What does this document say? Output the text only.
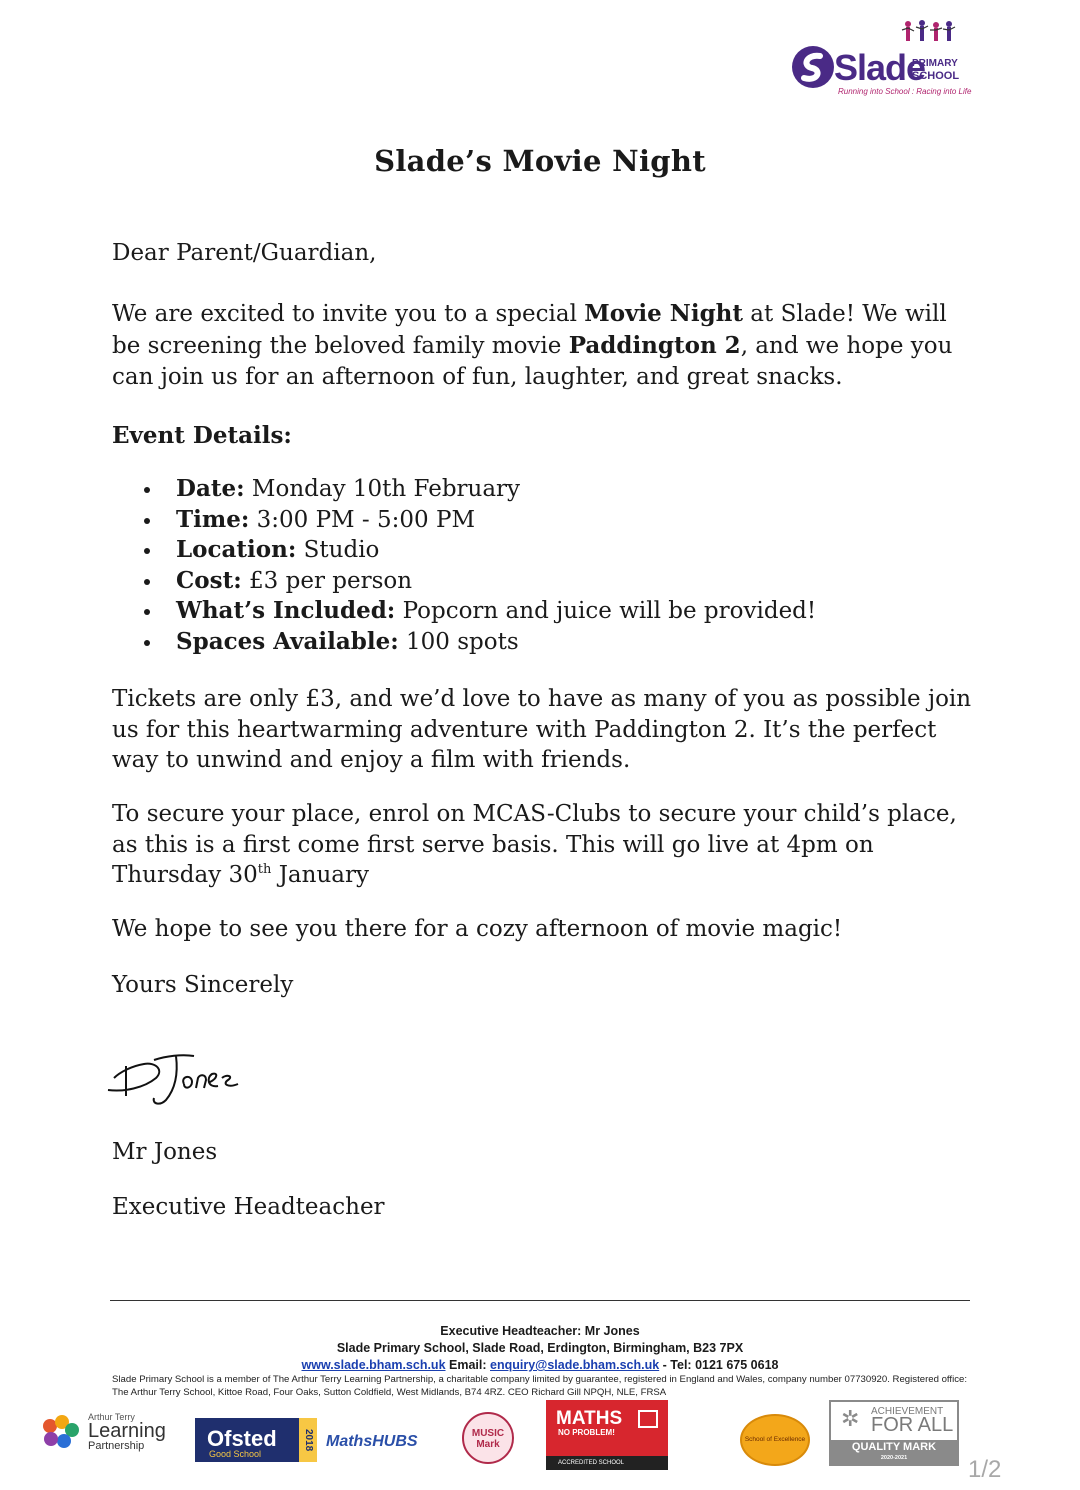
Slade
PRIMARY
SCHOOL
Running into School : Racing into Life
Slade’s Movie Night
Dear Parent/Guardian,
We are excited to invite you to a special Movie Night at Slade! We will be screening the beloved family movie Paddington 2, and we hope you can join us for an afternoon of fun, laughter, and great snacks.
Event Details:
Date: Monday 10th February
Time: 3:00 PM - 5:00 PM
Location: Studio
Cost: £3 per person
What’s Included: Popcorn and juice will be provided!
Spaces Available: 100 spots
Tickets are only £3, and we’d love to have as many of you as possible join us for this heartwarming adventure with Paddington 2. It’s the perfect way to unwind and enjoy a film with friends.
To secure your place, enrol on MCAS-Clubs to secure your child’s place, as this is a first come first serve basis. This will go live at 4pm on Thursday 30th January
We hope to see you there for a cozy afternoon of movie magic!
Yours Sincerely
Mr Jones
Executive Headteacher
Executive Headteacher: Mr Jones
Slade Primary School, Slade Road, Erdington, Birmingham, B23 7PX
www.slade.bham.sch.uk Email: enquiry@slade.bham.sch.uk - Tel: 0121 675 0618
Slade Primary School is a member of The Arthur Terry Learning Partnership, a charitable company limited by guarantee, registered in England and Wales, company number 07730920. Registered office: The Arthur Terry School, Kittoe Road, Four Oaks, Sutton Coldfield, West Midlands, B74 4RZ. CEO Richard Gill NPQH, NLE, FRSA
Arthur Terry
Learning
Partnership	Ofsted
Good School
2018 MathsHUBS	MUSIC
Mark
MATHS
NO PROBLEM!
ACCREDITED SCHOOL
School of Excellence
✲ ACHIEVEMENT
FOR ALL
QUALITY MARK
2020-2021	1/2
